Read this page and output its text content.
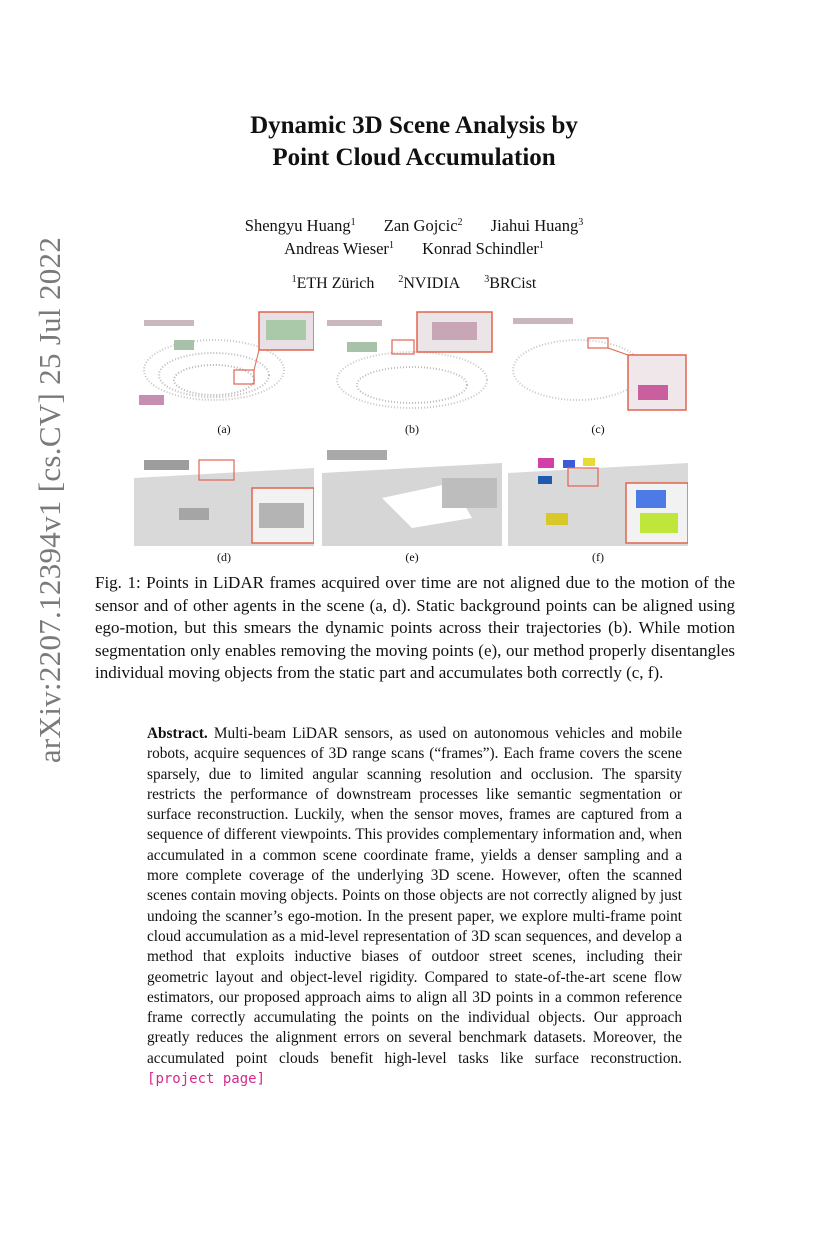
arXiv:2207.12394v1 [cs.CV] 25 Jul 2022
Dynamic 3D Scene Analysis by
Point Cloud Accumulation
Shengyu Huang$^1$ Zan Gojcic$^2$ Jiahui Huang$^3$
Andreas Wieser$^1$ Konrad Schindler$^1$
$^1$ETH Zürich $^2$NVIDIA $^3$BRCist
(a)	(b)	(c)
(d)	(e)	(f)
Fig. 1: Points in LiDAR frames acquired over time are not aligned due to the motion of the sensor and of other agents in the scene (a, d). Static background points can be aligned using ego-motion, but this smears the dynamic points across their trajectories (b). While motion segmentation only enables removing the moving points (e), our method properly disentangles individual moving objects from the static part and accumulates both correctly (c, f).
Abstract. Multi-beam LiDAR sensors, as used on autonomous vehicles and mobile robots, acquire sequences of 3D range scans (“frames”). Each frame covers the scene sparsely, due to limited angular scanning resolution and occlusion. The sparsity restricts the performance of downstream processes like semantic segmentation or surface reconstruction. Luckily, when the sensor moves, frames are captured from a sequence of different viewpoints. This provides complementary information and, when accumulated in a common scene coordinate frame, yields a denser sampling and a more complete coverage of the underlying 3D scene. However, often the scanned scenes contain moving objects. Points on those objects are not correctly aligned by just undoing the scanner’s ego-motion. In the present paper, we explore multi-frame point cloud accumulation as a mid-level representation of 3D scan sequences, and develop a method that exploits inductive biases of outdoor street scenes, including their geometric layout and object-level rigidity. Compared to state-of-the-art scene flow estimators, our proposed approach aims to align all 3D points in a common reference frame correctly accumulating the points on the individual objects. Our approach greatly reduces the alignment errors on several benchmark datasets. Moreover, the accumulated point clouds benefit high-level tasks like surface reconstruction. [project page]
